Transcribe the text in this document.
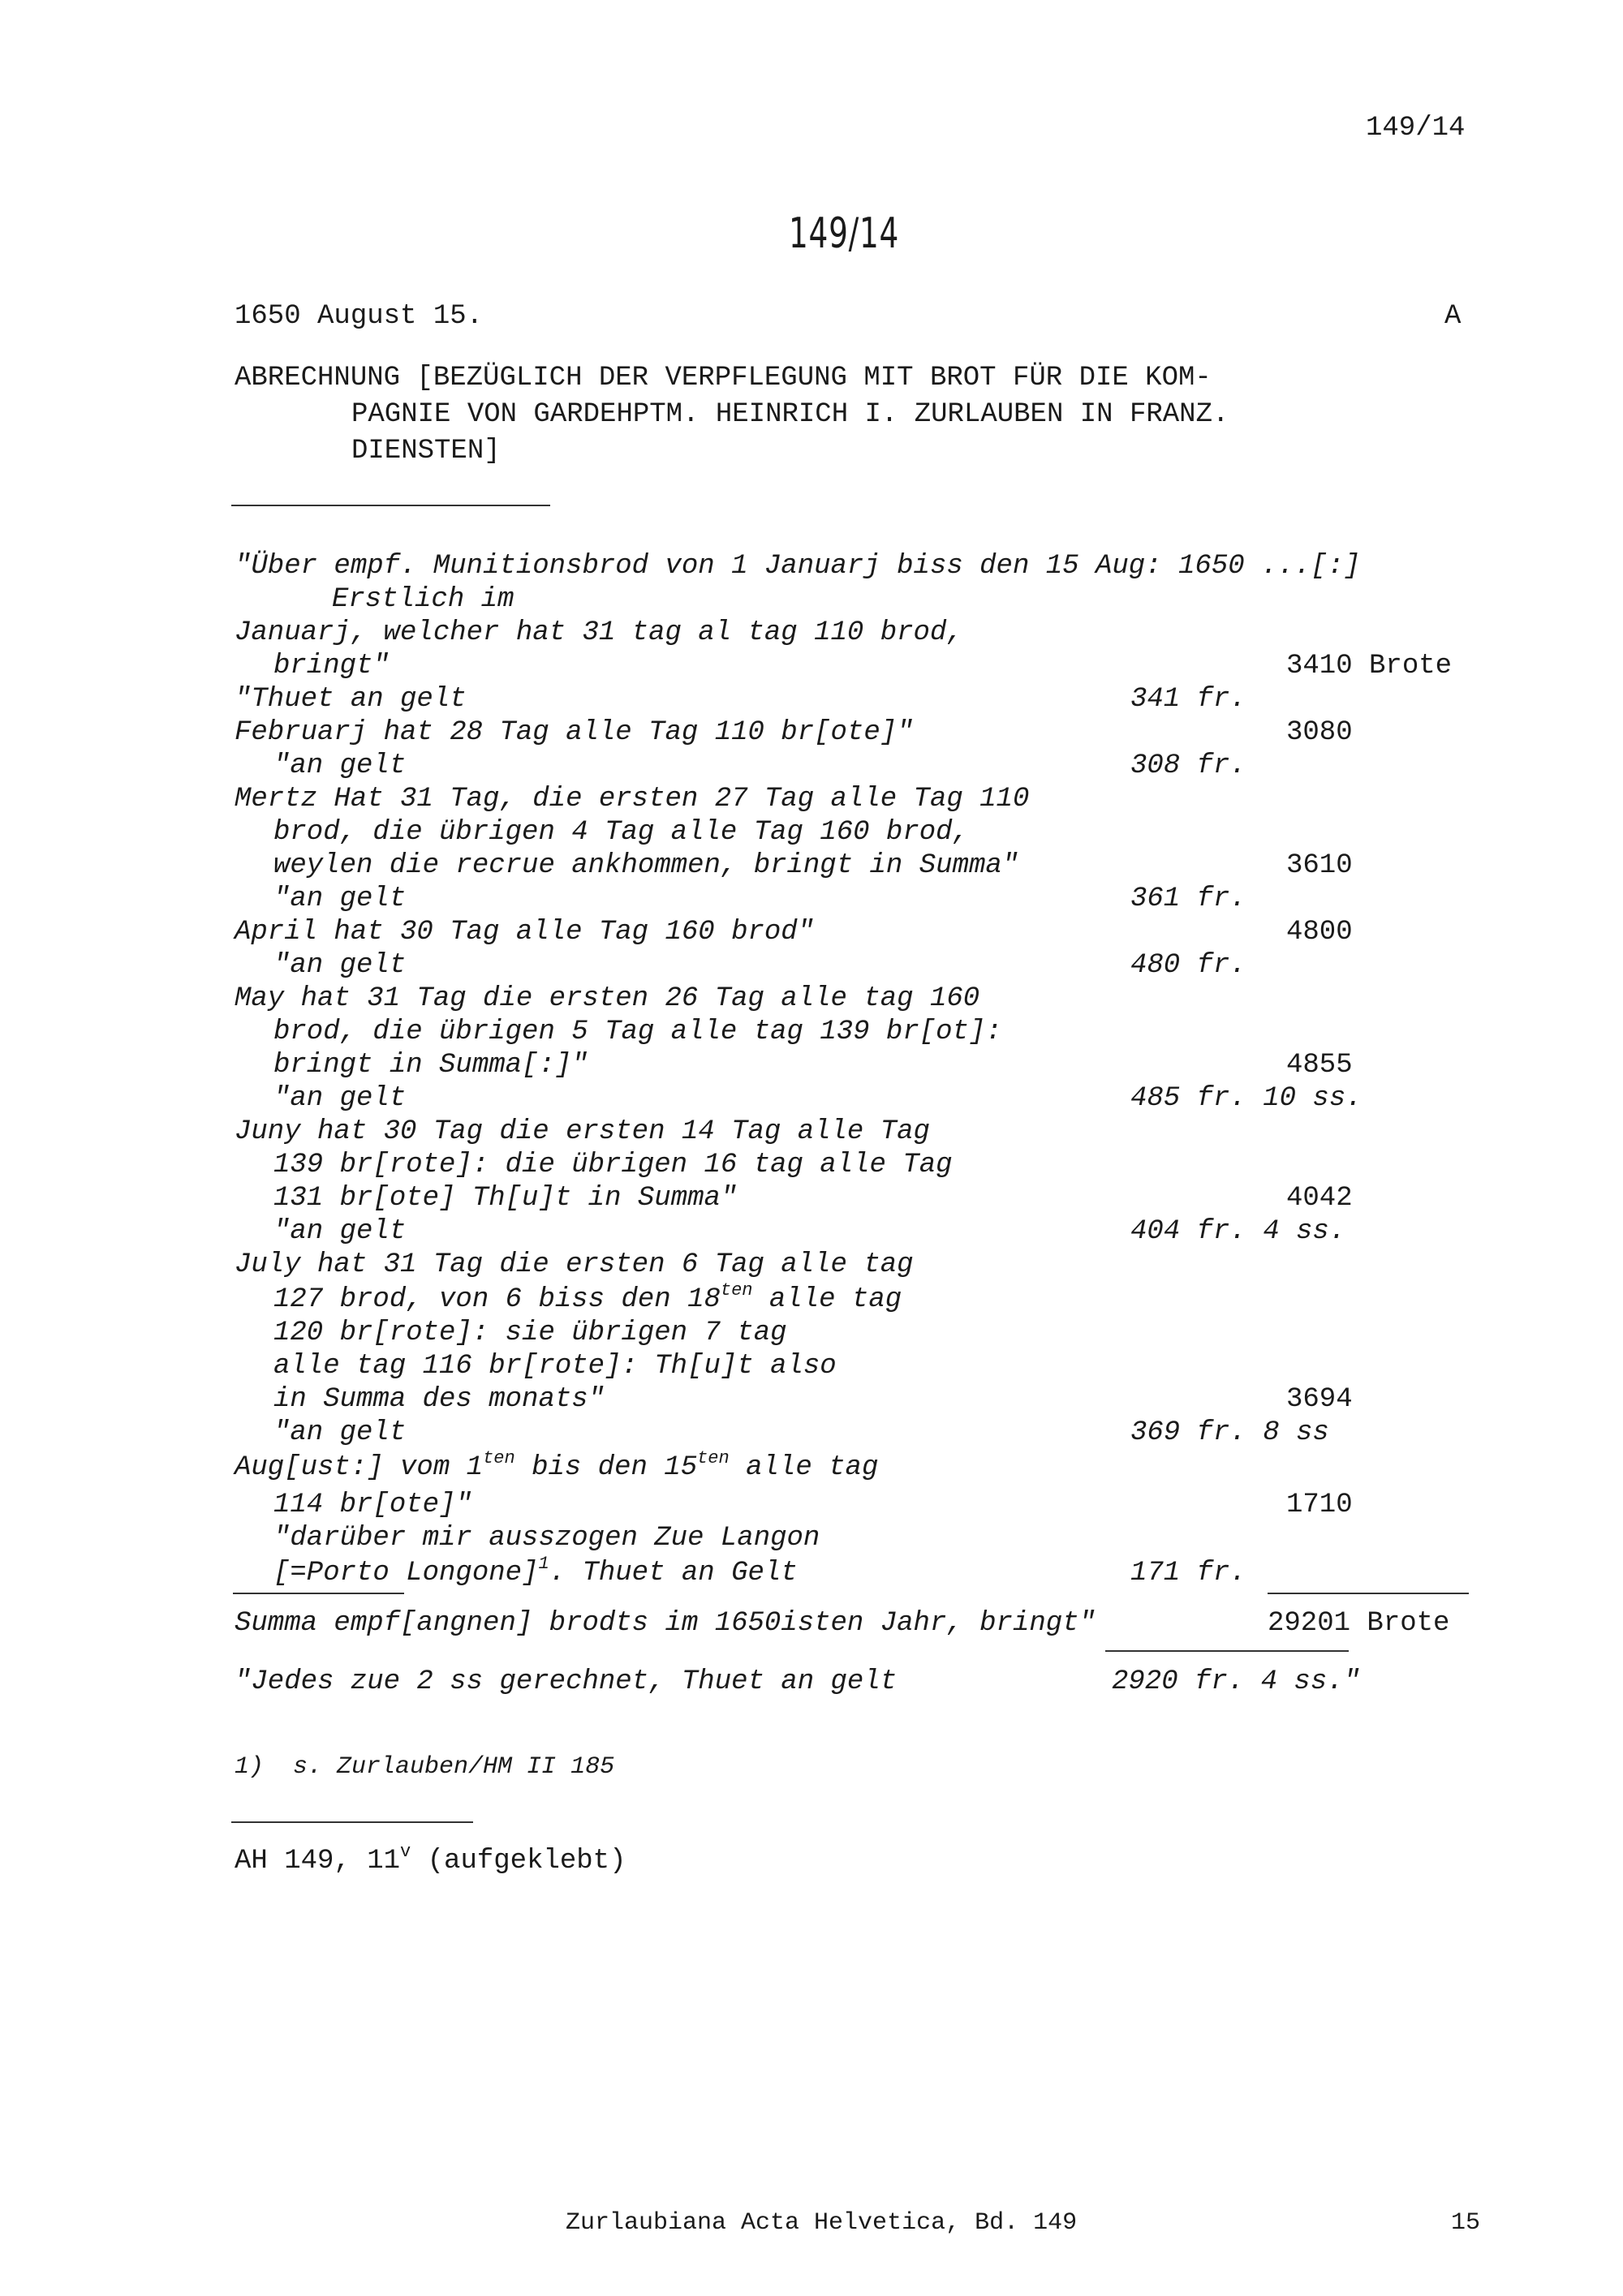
149/14
149/14
1650 August 15.	A
ABRECHNUNG [BEZÜGLICH DER VERPFLEGUNG MIT BROT FÜR DIE KOM-
PAGNIE VON GARDEHPTM. HEINRICH I. ZURLAUBEN IN FRANZ.
DIENSTEN]
"Über empf. Munitionsbrod von 1 Januarj biss den 15 Aug: 1650 ...[:]
Erstlich im
Januarj, welcher hat 31 tag al tag 110 brod,
bringt"	3410 Brote
"Thuet an gelt	341 fr.
Februarj hat 28 Tag alle Tag 110 br[ote]"	3080
"an gelt	308 fr.
Mertz Hat 31 Tag, die ersten 27 Tag alle Tag 110
brod, die übrigen 4 Tag alle Tag 160 brod,
weylen die recrue ankhommen, bringt in Summa"	3610
"an gelt	361 fr.
April hat 30 Tag alle Tag 160 brod"	4800
"an gelt	480 fr.
May hat 31 Tag die ersten 26 Tag alle tag 160
brod, die übrigen 5 Tag alle tag 139 br[ot]:
bringt in Summa[:]"	4855
"an gelt	485 fr. 10 ss.
Juny hat 30 Tag die ersten 14 Tag alle Tag
139 br[rote]: die übrigen 16 tag alle Tag
131 br[ote] Th[u]t in Summa"	4042
"an gelt	404 fr. 4 ss.
July hat 31 Tag die ersten 6 Tag alle tag
127 brod, von 6 biss den $18^{ten}$ alle tag
120 br[rote]: sie übrigen 7 tag
alle tag 116 br[rote]: Th[u]t also
in Summa des monats"	3694
"an gelt	369 fr. 8 ss
Aug[ust:] vom $1^{ten}$ bis den $15^{ten}$ alle tag
114 br[ote]"	1710
"darüber mir ausszogen Zue Langon
[=Porto Longone]$^1$. Thuet an Gelt	171 fr.
Summa empf[angnen] brodts im 1650isten Jahr, bringt"	29201 Brote
"Jedes zue 2 ss gerechnet, Thuet an gelt	2920 fr. 4 ss."
1)  s. Zurlauben/HM II 185
AH 149, 11$^v$ (aufgeklebt)
Zurlaubiana Acta Helvetica, Bd. 149	15
